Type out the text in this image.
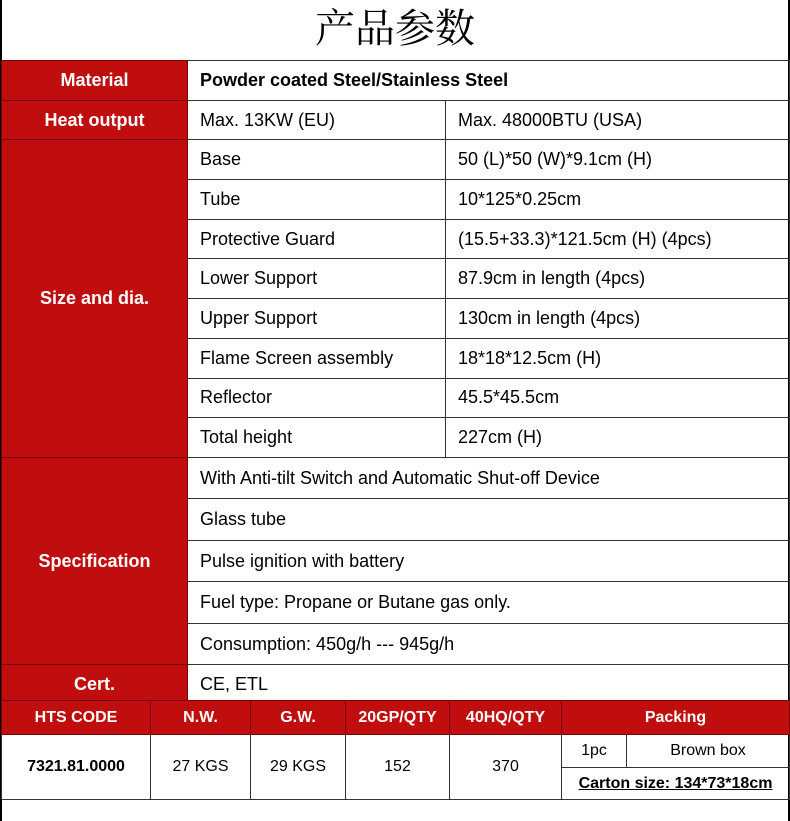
产品参数
Material	Powder coated Steel/Stainless Steel	
Heat output	Max. 13KW (EU)	Max. 48000BTU (USA)
Size and dia.	Base	50 (L)*50 (W)*9.1cm (H)
	Tube	10*125*0.25cm
	Protective Guard	(15.5+33.3)*121.5cm (H) (4pcs)
	Lower Support	87.9cm in length (4pcs)
	Upper Support	130cm in length (4pcs)
	Flame Screen assembly	18*18*12.5cm (H)
	Reflector	45.5*45.5cm
	Total height	227cm (H)
Specification	With Anti-tilt Switch and Automatic Shut-off Device	
	Glass tube	
	Pulse ignition with battery	
	Fuel type: Propane or Butane gas only.	
	Consumption: 450g/h --- 945g/h	
Cert.	CE, ETL	
HTS CODE	N.W.	G.W.	20GP/QTY	40HQ/QTY	Packing	
7321.81.0000	27 KGS	29 KGS	152	370	1pc	Brown box
					Carton size: 134*73*18cm	
